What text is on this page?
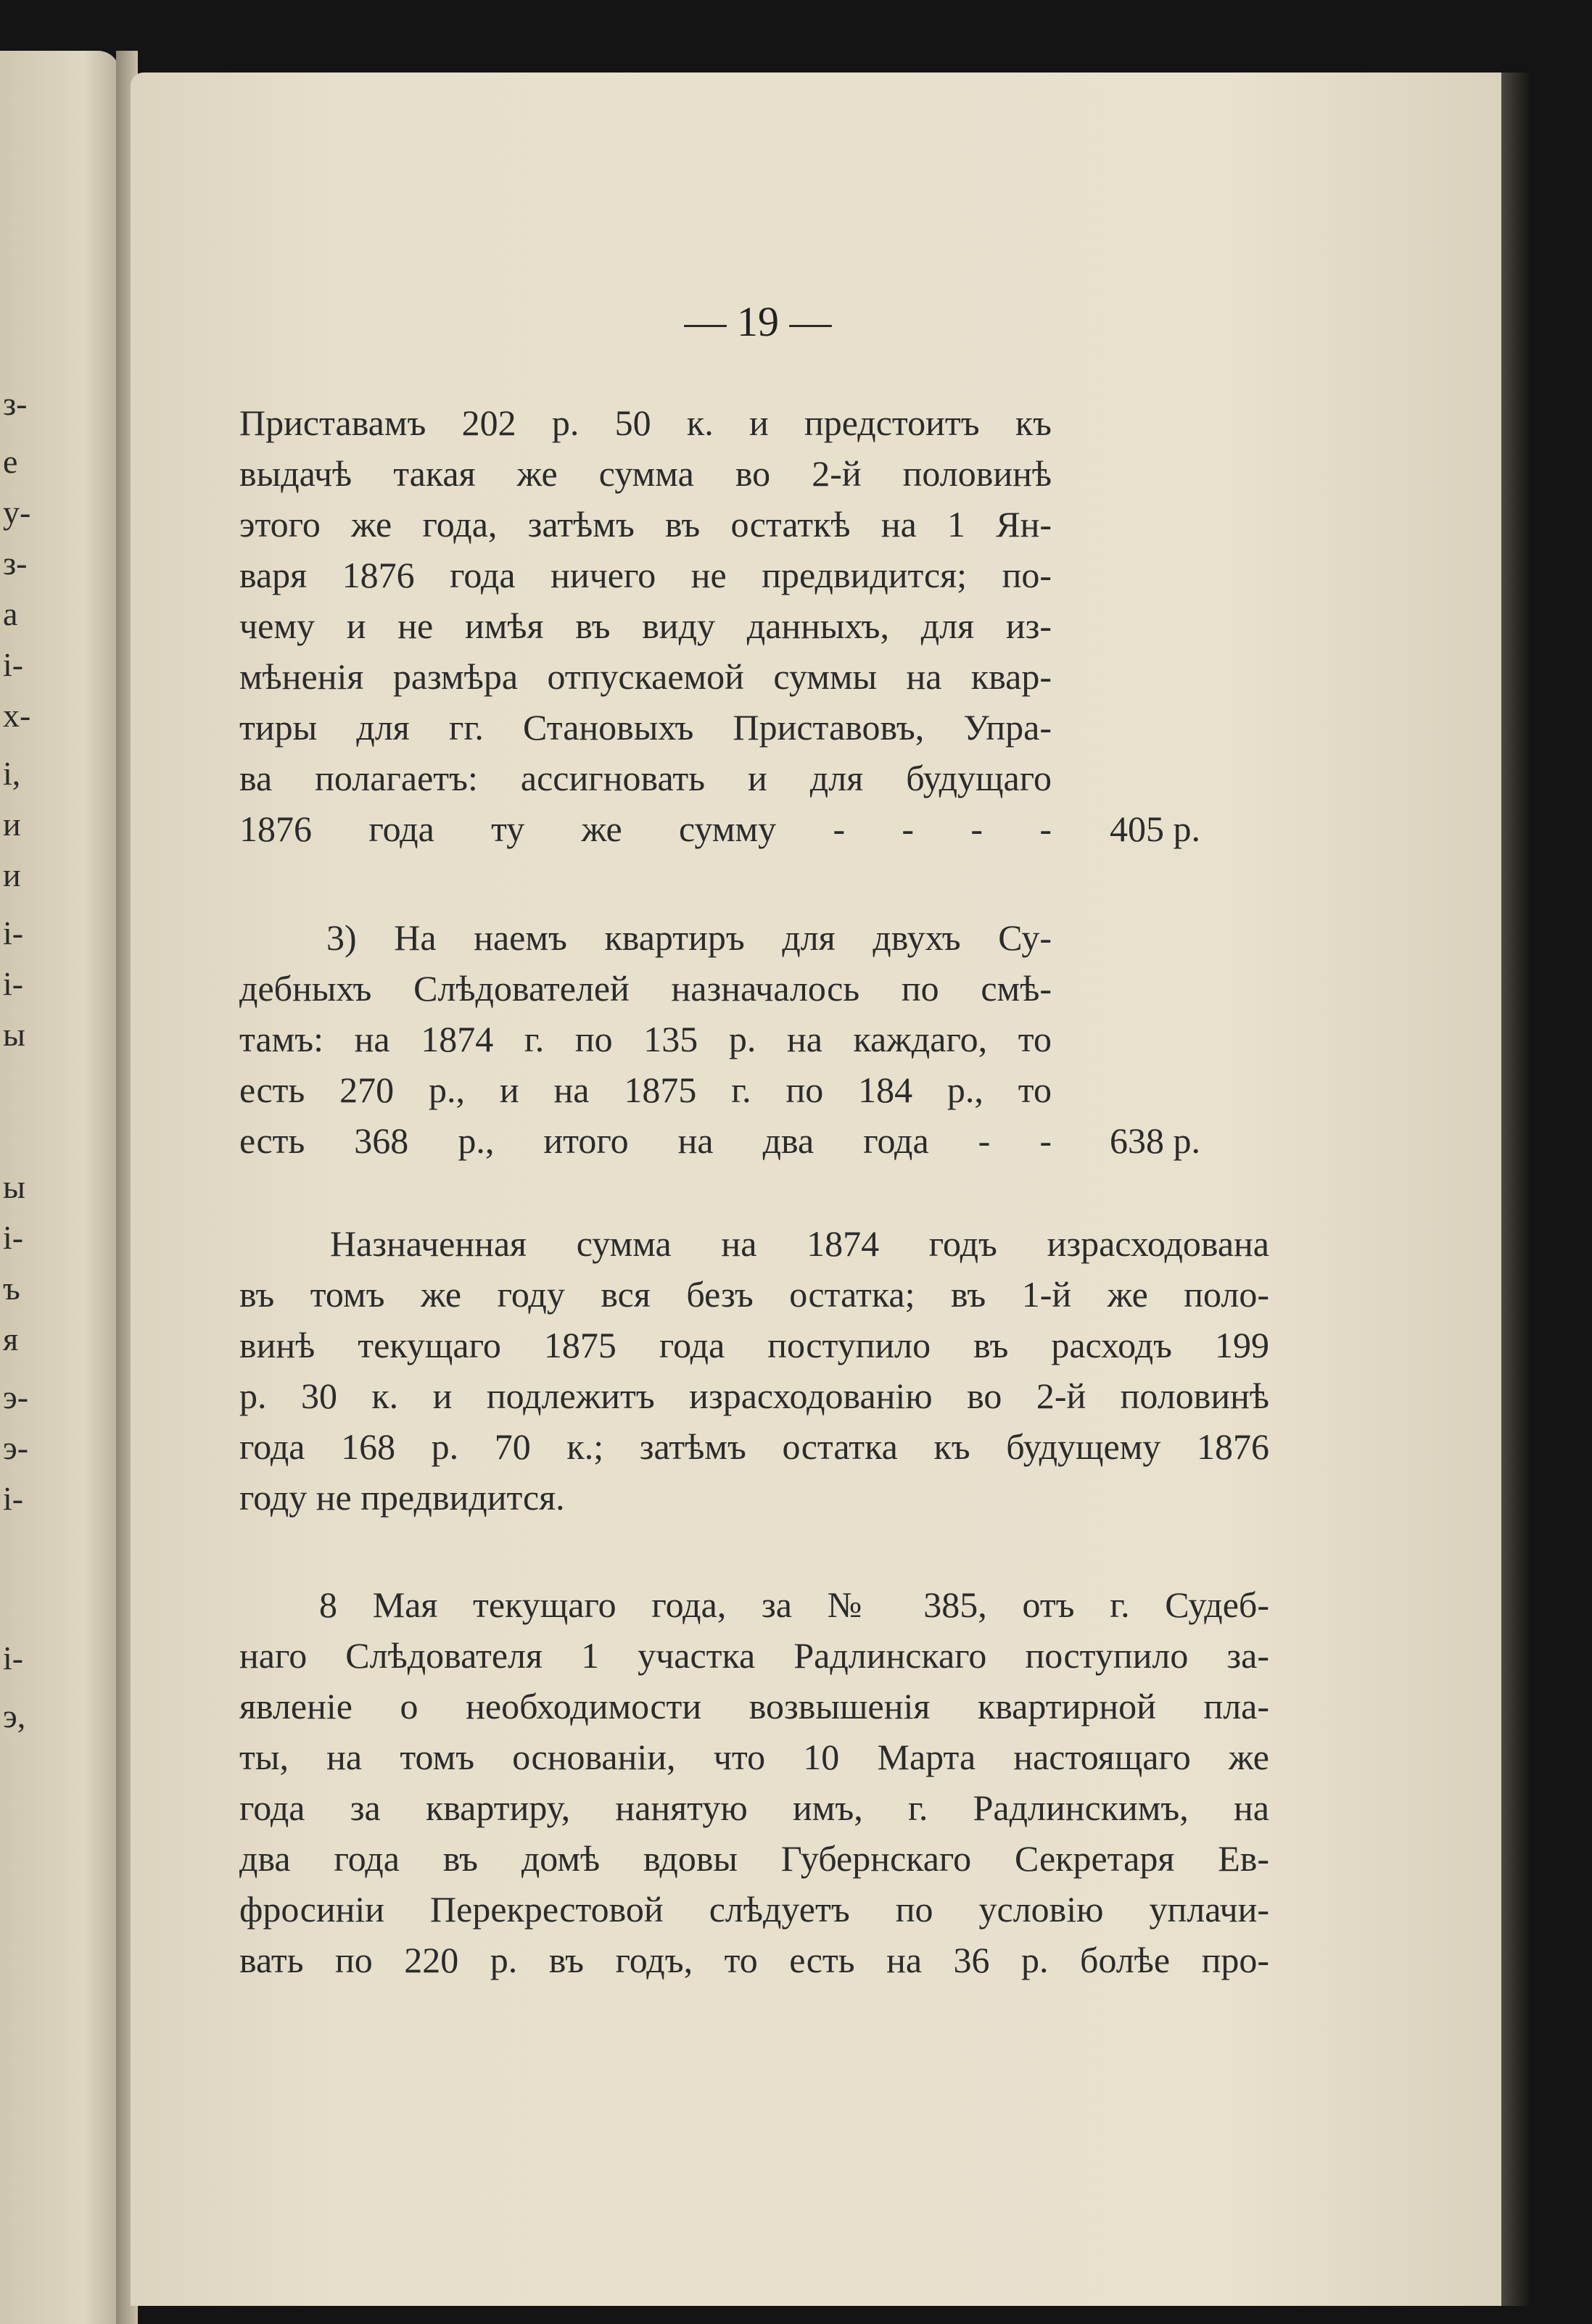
з-
е
у-
з-
а
і-
х-
і,
и
и
і-
і-
ы
ы
і-
ъ
я
э-
э-
і-
і-
э,
— 19 —
Приставамъ 202 р. 50 к. и предстоитъ къ
выдачѣ такая же сумма во 2-й половинѣ
этого же года, затѣмъ въ остаткѣ на 1 Ян-
варя 1876 года ничего не предвидится; по-
чему и не имѣя въ виду данныхъ, для из-
мѣненія размѣра отпускаемой суммы на квар-
тиры для гг. Становыхъ Приставовъ, Упра-
ва полагаетъ: ассигновать и для будущаго
1876 года ту же сумму - - - - 405 р.
3) На наемъ квартиръ для двухъ Су-
дебныхъ Слѣдователей назначалось по смѣ-
тамъ: на 1874 г. по 135 р. на каждаго, то
есть 270 р., и на 1875 г. по 184 р., то
есть 368 р., итого на два года - - 638 р.
Назначенная сумма на 1874 годъ израсходована
въ томъ же году вся безъ остатка; въ 1-й же поло-
винѣ текущаго 1875 года поступило въ расходъ 199
р. 30 к. и подлежитъ израсходованію во 2-й половинѣ
года 168 р. 70 к.; затѣмъ остатка къ будущему 1876
году не предвидится.
8 Мая текущаго года, за № 385, отъ г. Судеб-
наго Слѣдователя 1 участка Радлинскаго поступило за-
явленіе о необходимости возвышенія квартирной пла-
ты, на томъ основаніи, что 10 Марта настоящаго же
года за квартиру, нанятую имъ, г. Радлинскимъ, на
два года въ домѣ вдовы Губернскаго Секретаря Ев-
фросиніи Перекрестовой слѣдуетъ по условію уплачи-
вать по 220 р. въ годъ, то есть на 36 р. болѣе про-
